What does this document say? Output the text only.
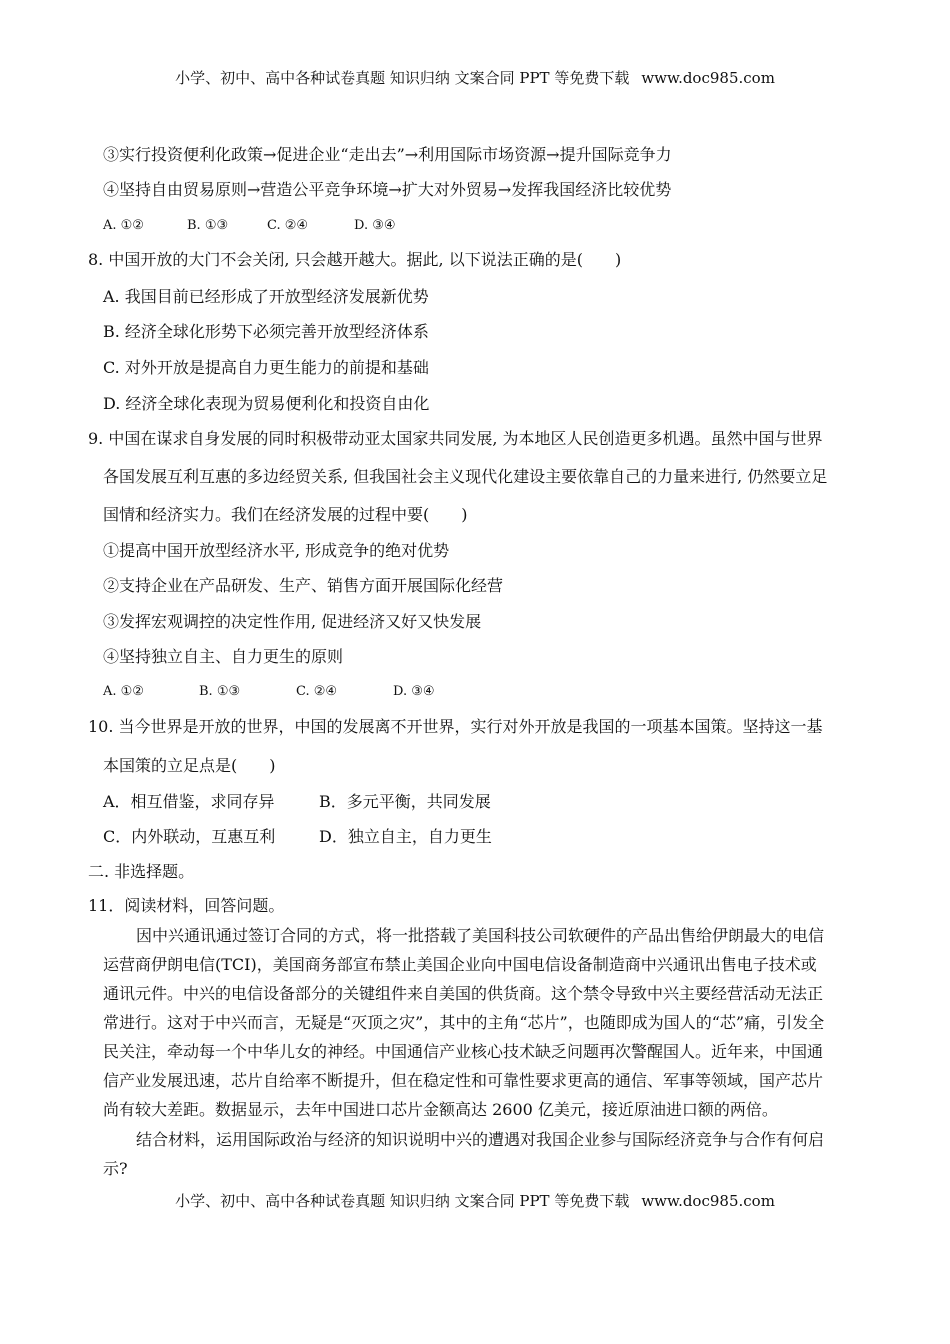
小学、初中、高中各种试卷真题 知识归纳 文案合同 PPT 等免费下载 www.doc985.com
③实行投资便利化政策→促进企业“走出去”→利用国际市场资源→提升国际竞争力
④坚持自由贸易原则→营造公平竞争环境→扩大对外贸易→发挥我国经济比较优势
A. ①②	B. ①③	C. ②④	D. ③④
8. 中国开放的大门不会关闭, 只会越开越大。据此, 以下说法正确的是(　　)
A. 我国目前已经形成了开放型经济发展新优势
B. 经济全球化形势下必须完善开放型经济体系
C. 对外开放是提高自力更生能力的前提和基础
D. 经济全球化表现为贸易便利化和投资自由化
9. 中国在谋求自身发展的同时积极带动亚太国家共同发展, 为本地区人民创造更多机遇。虽然中国与世界
各国发展互利互惠的多边经贸关系, 但我国社会主义现代化建设主要依靠自己的力量来进行, 仍然要立足
国情和经济实力。我们在经济发展的过程中要(　　)
①提高中国开放型经济水平, 形成竞争的绝对优势
②支持企业在产品研发、生产、销售方面开展国际化经营
③发挥宏观调控的决定性作用, 促进经济又好又快发展
④坚持独立自主、自力更生的原则
A. ①②	B. ①③	C. ②④	D. ③④
10. 当今世界是开放的世界，中国的发展离不开世界，实行对外开放是我国的一项基本国策。坚持这一基
本国策的立足点是(　　)
A．相互借鉴，求同存异	B．多元平衡，共同发展
C．内外联动，互惠互利	D．独立自主，自力更生
二. 非选择题。
11．阅读材料，回答问题。
因中兴通讯通过签订合同的方式，将一批搭载了美国科技公司软硬件的产品出售给伊朗最大的电信
运营商伊朗电信(TCI)，美国商务部宣布禁止美国企业向中国电信设备制造商中兴通讯出售电子技术或
通讯元件。中兴的电信设备部分的关键组件来自美国的供货商。这个禁令导致中兴主要经营活动无法正
常进行。这对于中兴而言，无疑是“灭顶之灾”，其中的主角“芯片”，也随即成为国人的“芯”痛，引发全
民关注，牵动每一个中华儿女的神经。中国通信产业核心技术缺乏问题再次警醒国人。近年来，中国通
信产业发展迅速，芯片自给率不断提升，但在稳定性和可靠性要求更高的通信、军事等领域，国产芯片
尚有较大差距。数据显示，去年中国进口芯片金额高达 2600 亿美元，接近原油进口额的两倍。
结合材料，运用国际政治与经济的知识说明中兴的遭遇对我国企业参与国际经济竞争与合作有何启
示?
小学、初中、高中各种试卷真题 知识归纳 文案合同 PPT 等免费下载 www.doc985.com
